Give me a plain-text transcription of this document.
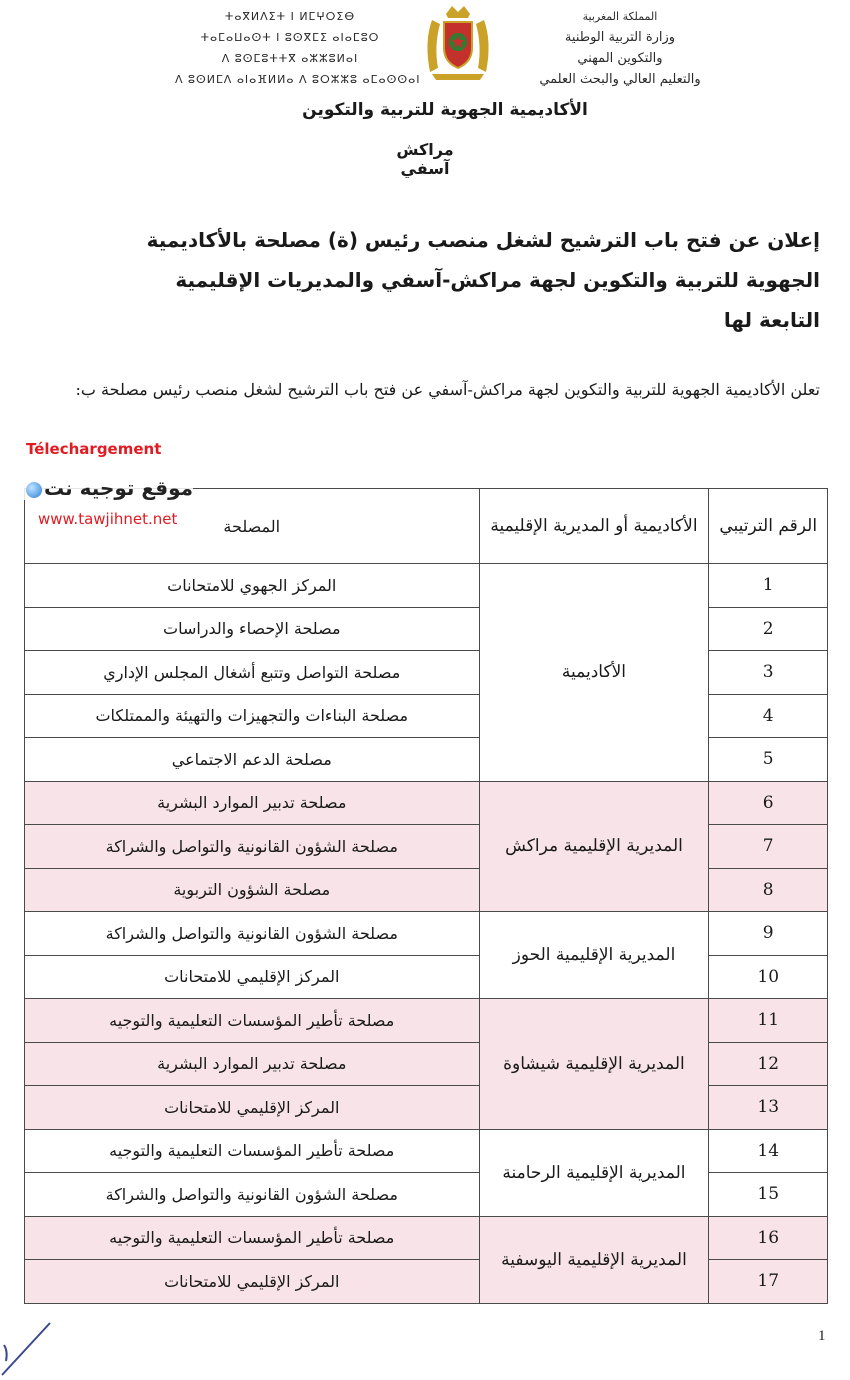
المملكة المغربية
وزارة التربية الوطنية
والتكوين المهني
والتعليم العالي والبحث العلمي
ⵜⴰⴳⵍⴷⵉⵜ ⵏ ⵍⵎⵖⵔⵉⴱ
ⵜⴰⵎⴰⵡⴰⵙⵜ ⵏ ⵓⵙⴳⵎⵉ ⴰⵏⴰⵎⵓⵔ
ⴷ ⵓⵙⵎⵓⵜⵜⴳ ⴰⵣⵣⵓⵍⴰⵏ
ⴷ ⵓⵙⵍⵎⴷ ⴰⵏⴰⴼⵍⵍⴰ ⴷ ⵓⵔⵣⵣⵓ ⴰⵎⴰⵙⵙⴰⵏ
الأكاديمية الجهوية للتربية والتكوين
مراكش آسفي
إعلان عن فتح باب الترشيح لشغل منصب رئيس (ة) مصلحة بالأكاديمية الجهوية للتربية والتكوين لجهة مراكش-آسفي والمديريات الإقليمية التابعة لها
تعلن الأكاديمية الجهوية للتربية والتكوين لجهة مراكش-آسفي عن فتح باب الترشيح لشغل منصب رئيس مصلحة ب:
الرقم الترتيبي	الأكاديمية أو المديرية الإقليمية	المصلحة
1	الأكاديمية	المركز الجهوي للامتحانات
2		مصلحة الإحصاء والدراسات
3		مصلحة التواصل وتتبع أشغال المجلس الإداري
4		مصلحة البناءات والتجهيزات والتهيئة والممتلكات
5		مصلحة الدعم الاجتماعي
6	المديرية الإقليمية مراكش	مصلحة تدبير الموارد البشرية
7		مصلحة الشؤون القانونية والتواصل والشراكة
8		مصلحة الشؤون التربوية
9	المديرية الإقليمية الحوز	مصلحة الشؤون القانونية والتواصل والشراكة
10		المركز الإقليمي للامتحانات
11	المديرية الإقليمية شيشاوة	مصلحة تأطير المؤسسات التعليمية والتوجيه
12		مصلحة تدبير الموارد البشرية
13		المركز الإقليمي للامتحانات
14	المديرية الإقليمية الرحامنة	مصلحة تأطير المؤسسات التعليمية والتوجيه
15		مصلحة الشؤون القانونية والتواصل والشراكة
16	المديرية الإقليمية اليوسفية	مصلحة تأطير المؤسسات التعليمية والتوجيه
17		المركز الإقليمي للامتحانات
Télechargement
موقع توجيه نت
www.tawjihnet.net
1
